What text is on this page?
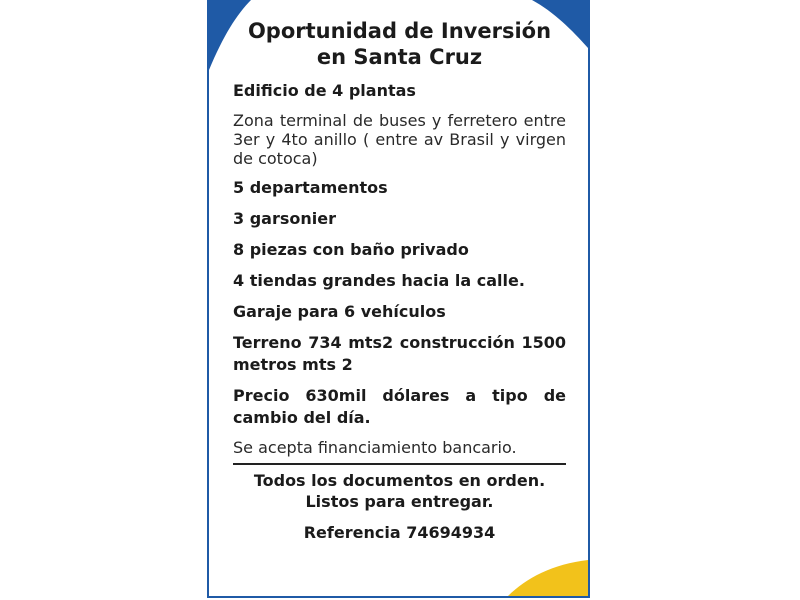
Oportunidad de Inversión
en Santa Cruz

Edificio de 4 plantas

Zona terminal de buses y ferretero entre 3er y 4to anillo ( entre av Brasil y virgen de cotoca)

5 departamentos

3 garsonier

8 piezas con baño privado

4 tiendas grandes hacia la calle.

Garaje para 6 vehículos

Terreno 734 mts2 construcción 1500 metros mts 2

Precio 630mil dólares a tipo de cambio del día.

Se acepta financiamiento bancario.

Todos los documentos en orden.

Listos para entregar.

Referencia 74694934
